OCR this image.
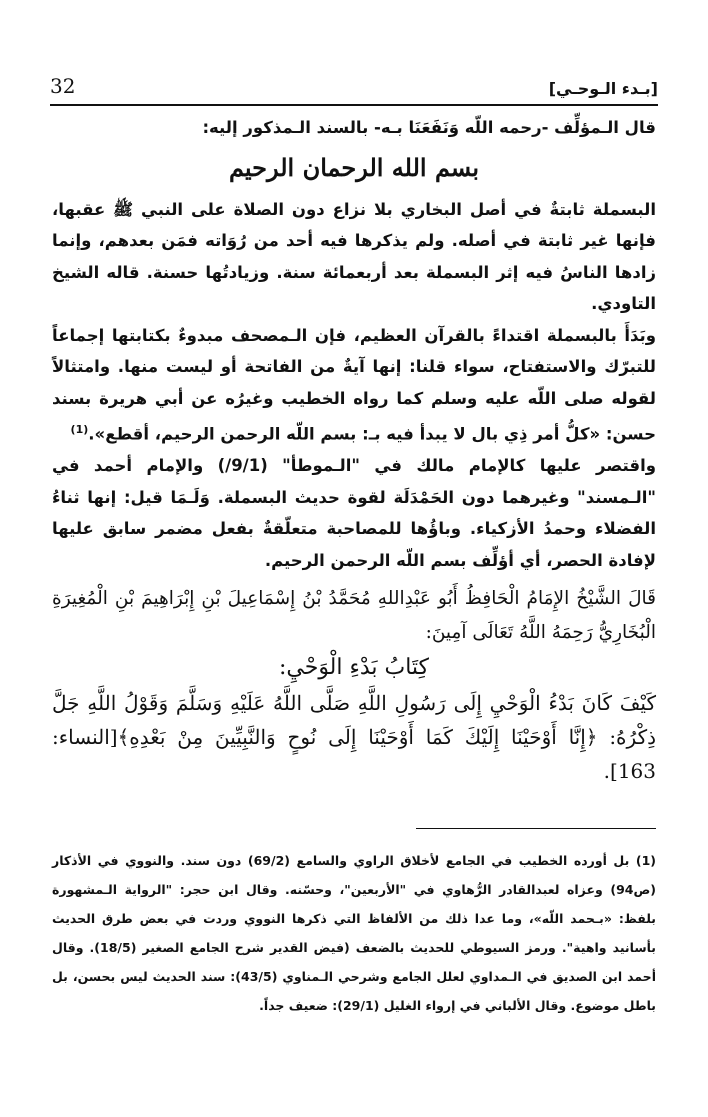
32	[بـدء الـوحـي]

قال الـمؤلِّف -رحمه اللّه وَنَفَعَنَا بـه- بالسند الـمذكور إليه:

بسم الله الرحمان الرحيم

البسملة ثابتةٌ في أصل البخاري بلا نزاع دون الصلاة على النبي ﷺ عقبها، فإنها غير ثابتة في أصله. ولم يذكرها فيه أحد من رُوَاته فمَن بعدهم، وإنما زادها الناسُ فيه إثر البسملة بعد أربعمائة سنة. وزيادتُها حسنة. قاله الشيخ التاودي.

وبَدَأَ بالبسملة اقتداءً بالقرآن العظيم، فإن الـمصحف مبدوءٌ بكتابتها إجماعاً للتبرّك والاستفتاح، سواء قلنا: إنها آيةٌ من الفاتحة أو ليست منها. وامتثالاً لقوله صلى اللّه عليه وسلم كما رواه الخطيب وغيرُه عن أبي هريرة بسند حسن: «كلُّ أمر ذِي بال لا يبدأ فيه بـ: بسم اللّه الرحمن الرحيم، أقطع».$^{(1)}$

واقتصر عليها كالإمام مالك في "الـموطأ" (9/1/) والإمام أحمد في "الـمسند" وغيرهما دون الحَمْدَلَة لقوة حديث البسملة. وَلَـمَا قيل: إنها ثناءُ الفضلاء وحمدُ الأزكياء. وباؤُها للمصاحبة متعلّقةٌ بفعل مضمر سابق عليها لإفادة الحصر، أي أؤلِّف بسم اللّه الرحمن الرحيم.

قَالَ الشَّيْخُ الإِمَامُ الْحَافِظُ أَبُو عَبْدِاللهِ مُحَمَّدُ بْنُ إِسْمَاعِيلَ بْنِ إِبْرَاهِيمَ بْنِ الْمُغِيرَةِ الْبُخَارِيُّ رَحِمَهُ اللَّهُ تَعَالَى آمِينَ:

كِتَابُ بَدْءِ الْوَحْيِ:

كَيْفَ كَانَ بَدْءُ الْوَحْيِ إِلَى رَسُولِ اللَّهِ صَلَّى اللَّهُ عَلَيْهِ وَسَلَّمَ وَقَوْلُ اللَّهِ جَلَّ ذِكْرُهُ: ﴿إِنَّا أَوْحَيْنَا إِلَيْكَ كَمَا أَوْحَيْنَا إِلَى نُوحٍ وَالنَّبِيِّينَ مِنْ بَعْدِهِ﴾[النساء: 163].

(1) بل أورده الخطيب في الجامع لأخلاق الراوي والسامع (69/2) دون سند. والنووي في الأذكار (ص94) وعزاه لعبدالقادر الرُّهاوي في "الأربعين"، وحسّنه. وقال ابن حجر: "الرواية الـمشهورة بلفظ: «بـحمد اللّه»، وما عدا ذلك من الألفاظ التي ذكرها النووي وردت في بعض طرق الحديث بأسانيد واهية". ورمز السيوطي للحديث بالضعف (فيض القدير شرح الجامع الصغير (18/5). وقال أحمد ابن الصديق في الـمداوي لعلل الجامع وشرحي الـمناوي (43/5): سند الحديث ليس بحسن، بل باطل موضوع. وقال الألباني في إرواء الغليل (29/1): ضعيف جداً.
